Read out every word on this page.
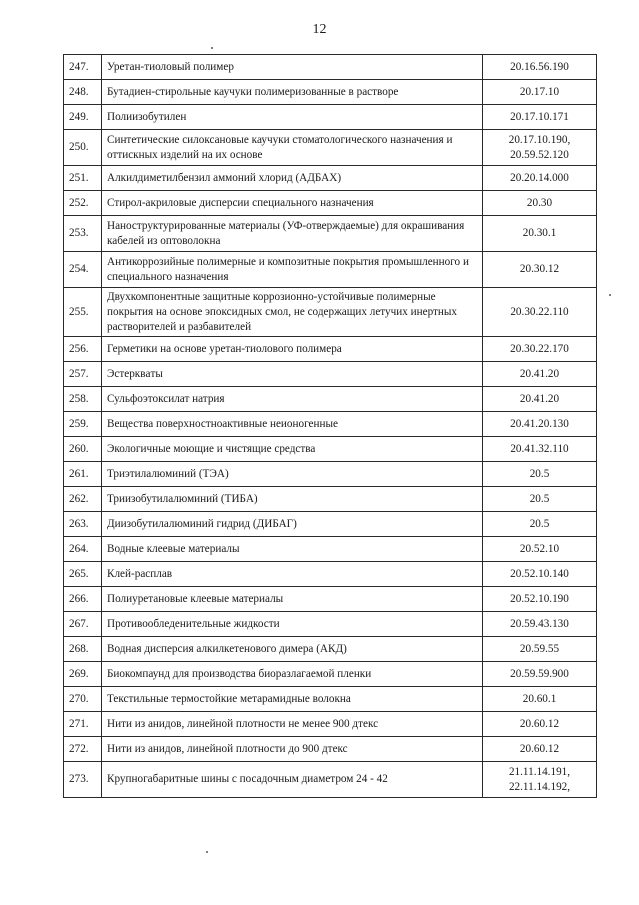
12
247.	Уретан-тиоловый полимер	20.16.56.190

248.	Бутадиен-стирольные каучуки полимеризованные в растворе	20.17.10

249.	Полиизобутилен	20.17.10.171

250.	Синтетические силоксановые каучуки стоматологического назначения и оттискных изделий на их основе	20.17.10.190,
20.59.52.120

251.	Алкилдиметилбензил аммоний хлорид (АДБАХ)	20.20.14.000

252.	Стирол-акриловые дисперсии специального назначения	20.30

253.	Наноструктурированные материалы (УФ-отверждаемые) для окрашивания кабелей из оптоволокна	20.30.1

254.	Антикоррозийные полимерные и композитные покрытия промышленного и специального назначения	20.30.12

255.	Двухкомпонентные защитные коррозионно-устойчивые полимерные покрытия на основе эпоксидных смол, не содержащих летучих инертных растворителей и разбавителей	20.30.22.110

256.	Герметики на основе уретан-тиолового полимера	20.30.22.170

257.	Эстерквaты	20.41.20

258.	Сульфоэтоксилат натрия	20.41.20

259.	Вещества поверхностноактивные неионогенные	20.41.20.130

260.	Экологичные моющие и чистящие средства	20.41.32.110

261.	Триэтилалюминий (ТЭА)	20.5

262.	Триизобутилалюминий (ТИБА)	20.5

263.	Диизобутилалюминий гидрид (ДИБАГ)	20.5

264.	Водные клеевые материалы	20.52.10

265.	Клей-расплав	20.52.10.140

266.	Полиуретановые клеевые материалы	20.52.10.190

267.	Противообледенительные жидкости	20.59.43.130

268.	Водная дисперсия алкилкетенового димера (АКД)	20.59.55

269.	Биокомпаунд для производства биоразлагаемой пленки	20.59.59.900

270.	Текстильные термостойкие метарамидные волокна	20.60.1

271.	Нити из анидов, линейной плотности не менее 900 дтекс	20.60.12

272.	Нити из анидов, линейной плотности до 900 дтекс	20.60.12

273.	Крупногабаритные шины с посадочным диаметром 24 - 42	21.11.14.191,
22.11.14.192,
